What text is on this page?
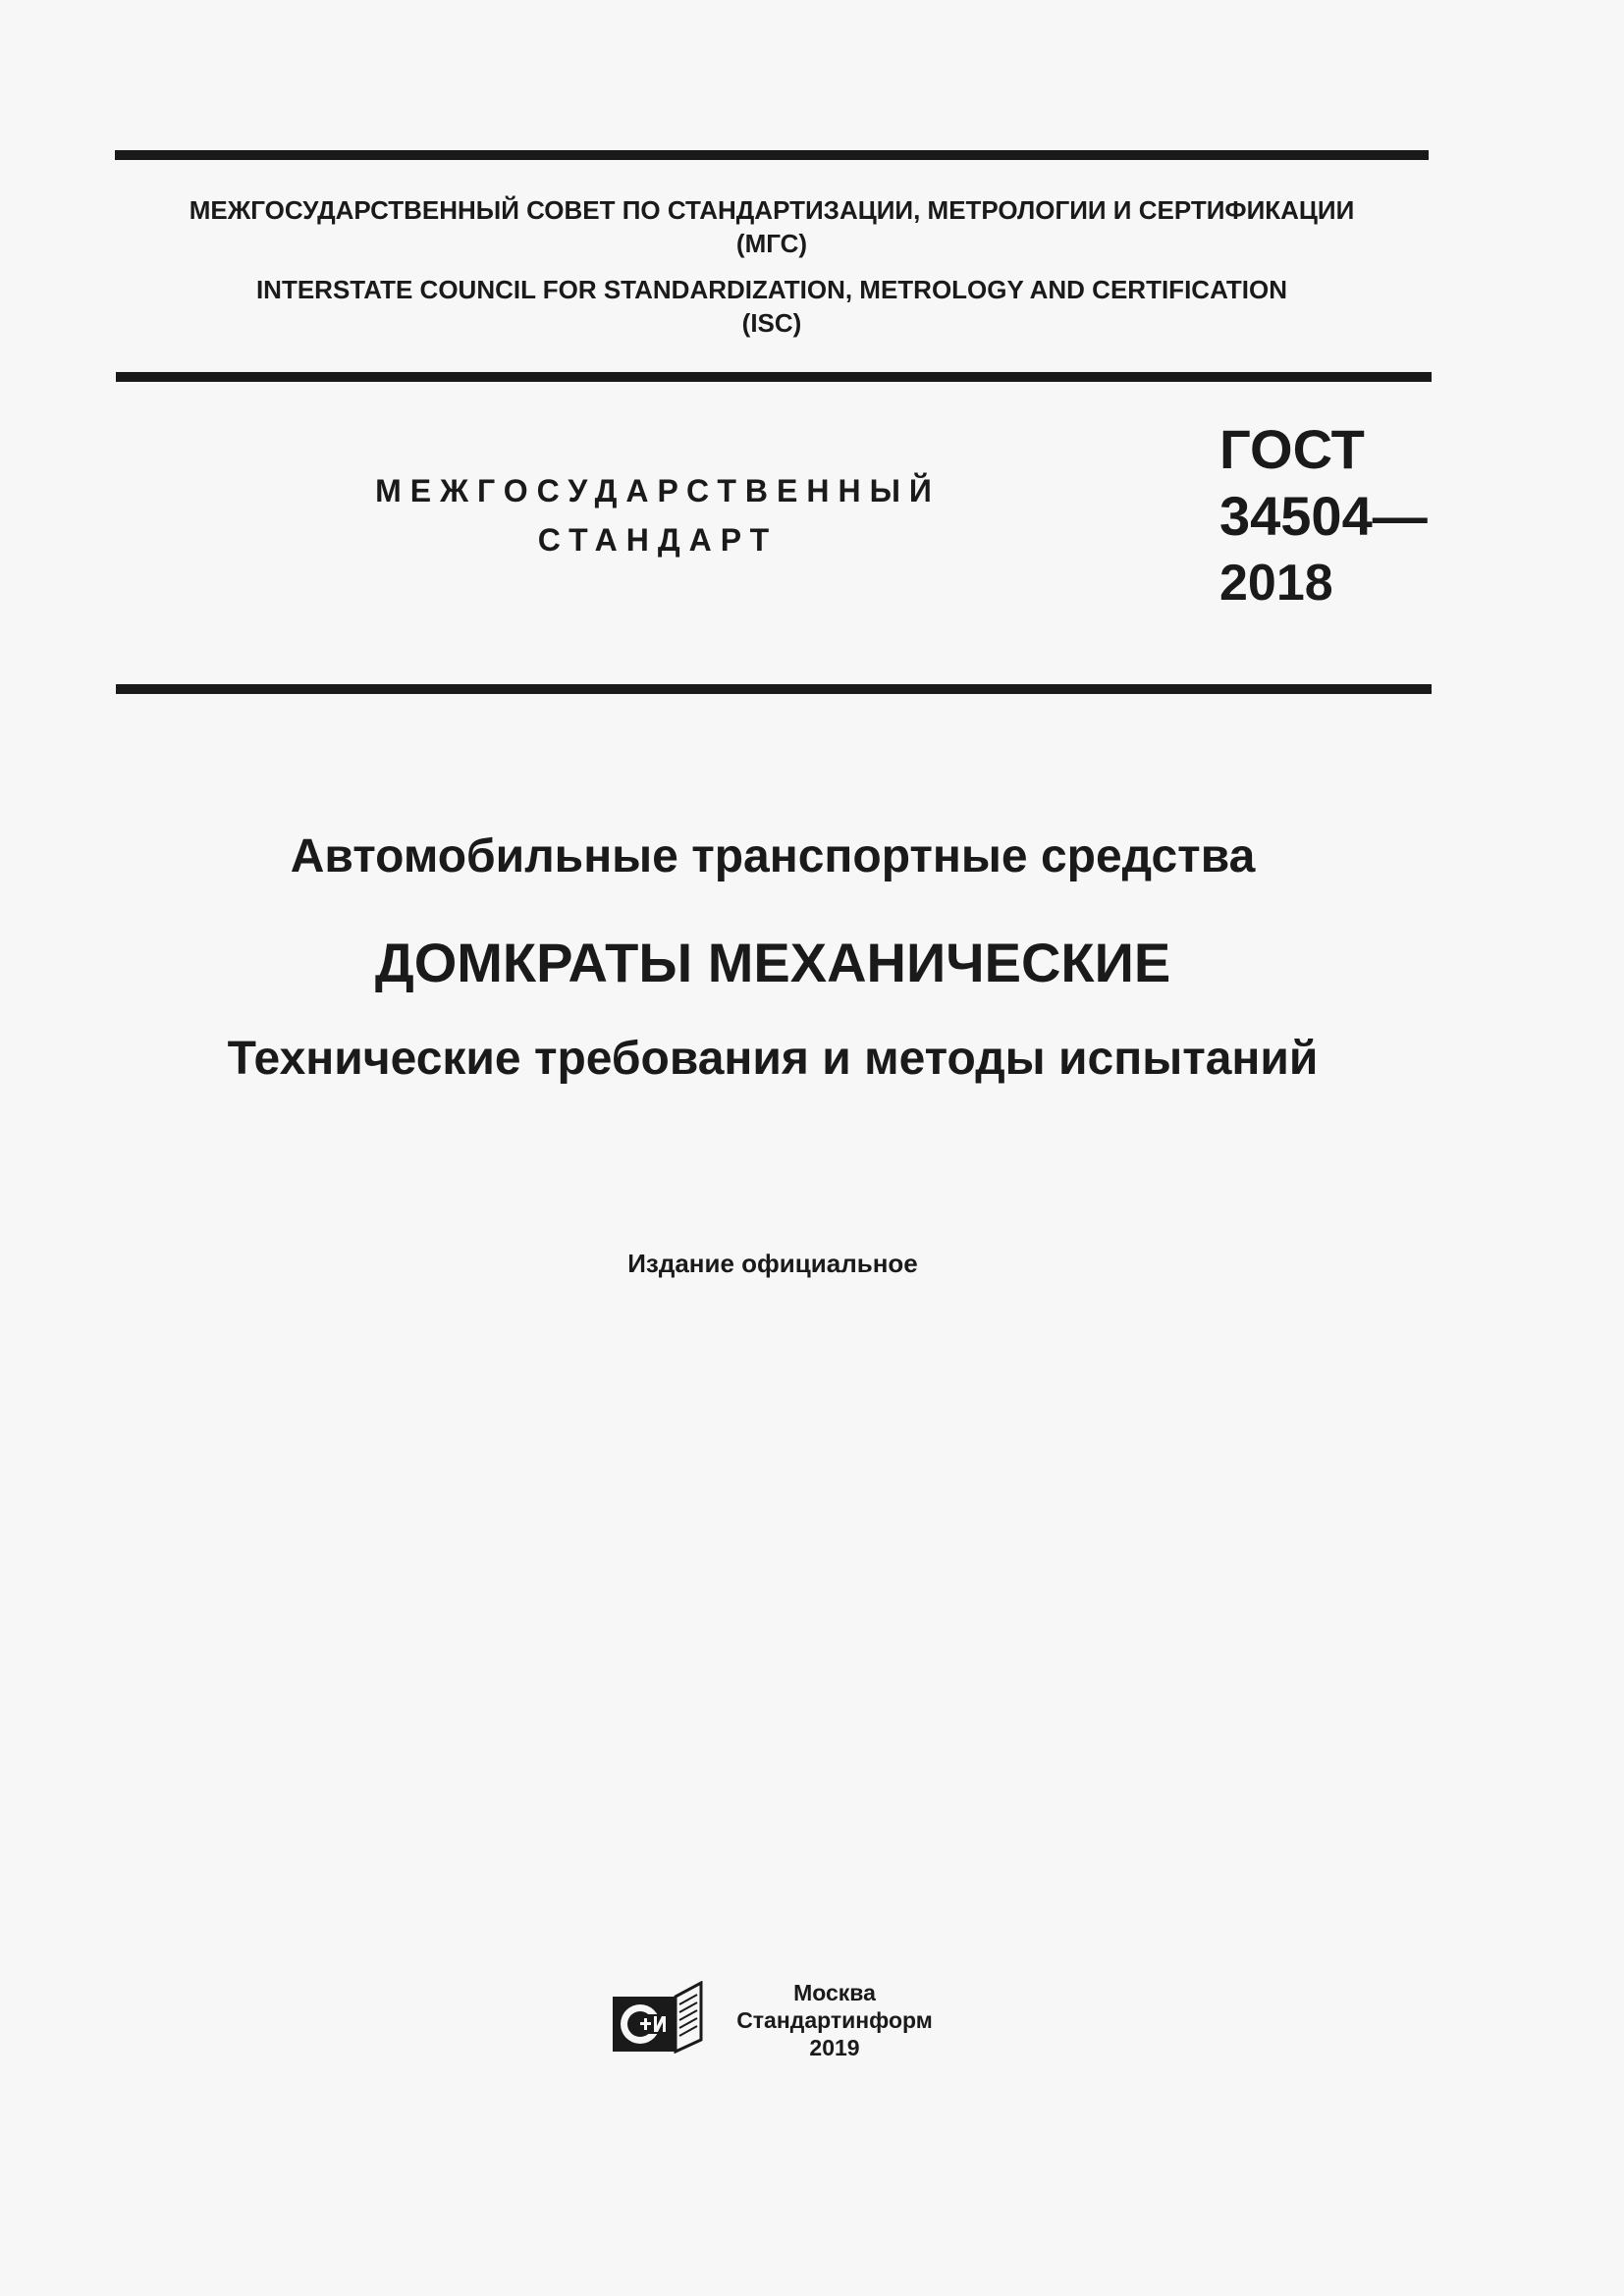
МЕЖГОСУДАРСТВЕННЫЙ СОВЕТ ПО СТАНДАРТИЗАЦИИ, МЕТРОЛОГИИ И СЕРТИФИКАЦИИ
(МГС)
INTERSTATE COUNCIL FOR STANDARDIZATION, METROLOGY AND CERTIFICATION
(ISC)
МЕЖГОСУДАРСТВЕННЫЙ
СТАНДАРТ
ГОСТ
34504—
2018
Автомобильные транспортные средства
ДОМКРАТЫ МЕХАНИЧЕСКИЕ
Технические требования и методы испытаний
Издание официальное
Москва
Стандартинформ
2019
